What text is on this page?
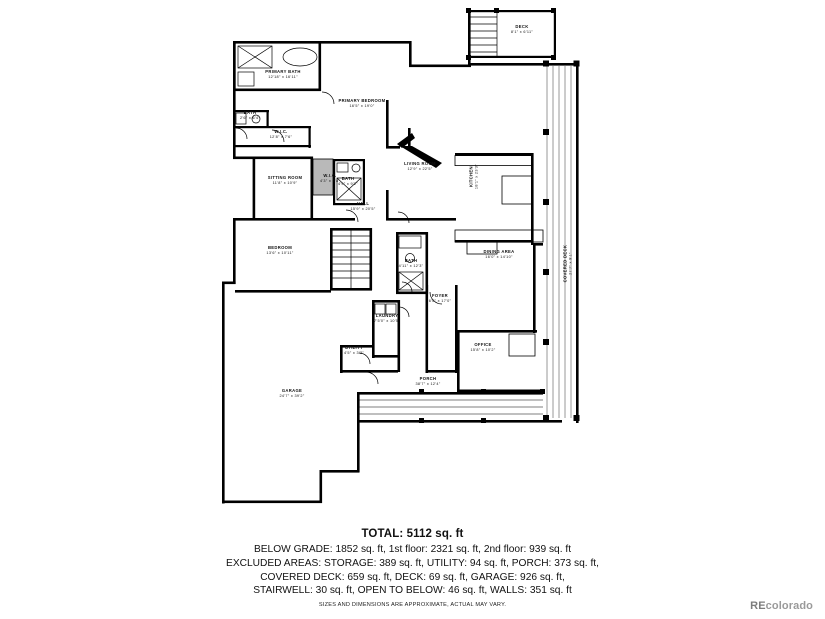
DECK
8'1" x 6'11"
PRIMARY BATH
12'18" x 16'11"
PRIMARY BEDROOM
16'5" x 19'0"
BATH
2'6" x 6'4"
W.I.C.
12'8" x 7'6"
LIVING ROOM
12'9" x 22'5"	KITCHEN 18'1" x 23'3"
SITTING ROOM
11'8" x 10'9"
BATH
4'9" x 9'2"
W.I.C.
4'3" x 9'8"
HALL
15'9" x 20'5"
BEDROOM
13'6" x 10'11"
BATH
4'11" x 12'3"	COVERED DECK 27'7" x 9'1"
DINING AREA
16'0" x 14'10"
FOYER
6'6" x 17'0"
LAUNDRY
7'5'0" x 10'5"
UTILITY
4'5" x 3'3"
OFFICE
15'8" x 10'2"
PORCH
38'7" x 12'4"
GARAGE
24'7" x 39'2"
TOTAL: 5112 sq. ft
BELOW GRADE: 1852 sq. ft, 1st floor: 2321 sq. ft, 2nd floor: 939 sq. ft
EXCLUDED AREAS: STORAGE: 389 sq. ft, UTILITY: 94 sq. ft, PORCH: 373 sq. ft,
COVERED DECK: 659 sq. ft, DECK: 69 sq. ft, GARAGE: 926 sq. ft,
STAIRWELL: 30 sq. ft, OPEN TO BELOW: 46 sq. ft, WALLS: 351 sq. ft
SIZES AND DIMENSIONS ARE APPROXIMATE, ACTUAL MAY VARY.	REcolorado
